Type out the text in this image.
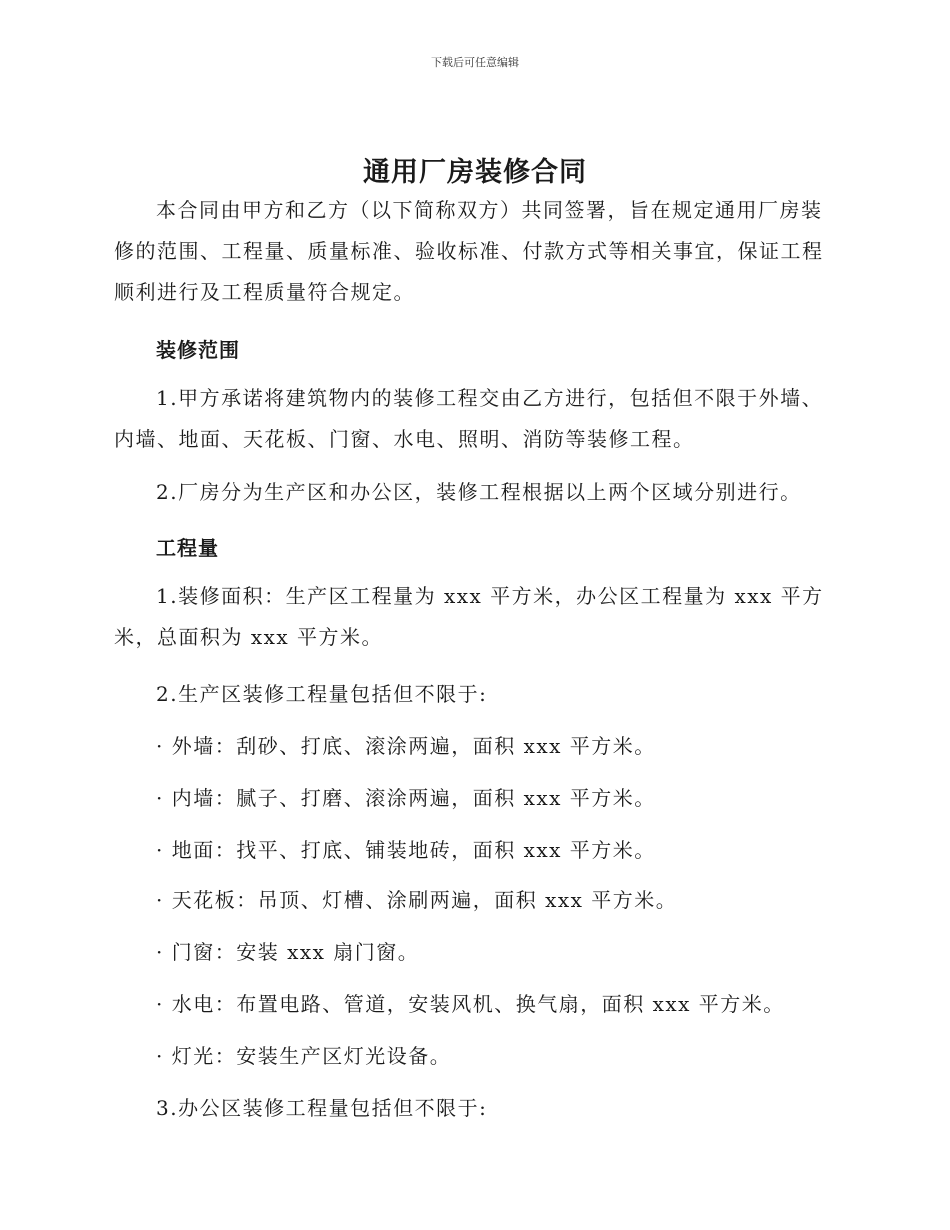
下载后可任意编辑
通用厂房装修合同

本合同由甲方和乙方（以下简称双方）共同签署，旨在规定通用厂房装修的范围、工程量、质量标准、验收标准、付款方式等相关事宜，保证工程顺利进行及工程质量符合规定。

装修范围

1.甲方承诺将建筑物内的装修工程交由乙方进行，包括但不限于外墙、内墙、地面、天花板、门窗、水电、照明、消防等装修工程。

2.厂房分为生产区和办公区，装修工程根据以上两个区域分别进行。

工程量

1.装修面积：生产区工程量为 xxx 平方米，办公区工程量为 xxx 平方米，总面积为 xxx 平方米。

2.生产区装修工程量包括但不限于:

· 外墙：刮砂、打底、滚涂两遍，面积 xxx 平方米。

· 内墙：腻子、打磨、滚涂两遍，面积 xxx 平方米。

· 地面：找平、打底、铺装地砖，面积 xxx 平方米。

· 天花板：吊顶、灯槽、涂刷两遍，面积 xxx 平方米。

· 门窗：安装 xxx 扇门窗。

· 水电：布置电路、管道，安装风机、换气扇，面积 xxx 平方米。

· 灯光：安装生产区灯光设备。

3.办公区装修工程量包括但不限于:
